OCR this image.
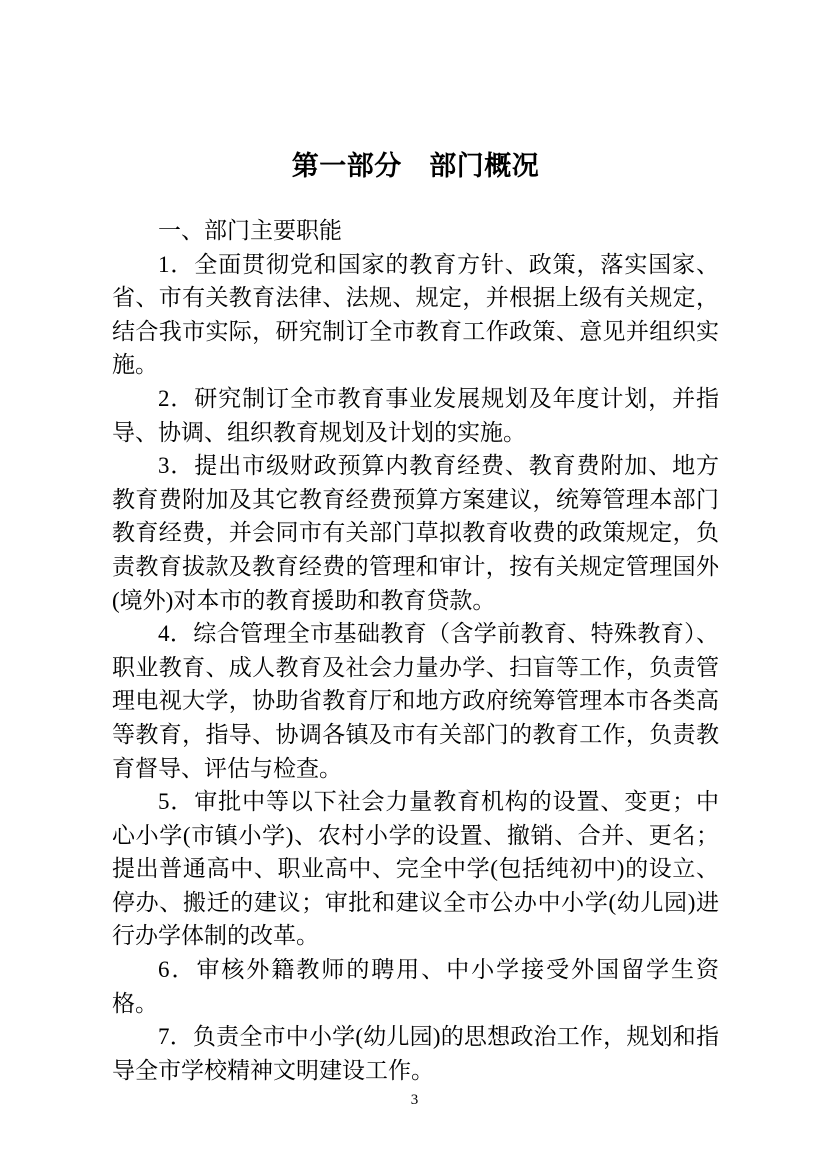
第一部分　部门概况

一、部门主要职能

1．全面贯彻党和国家的教育方针、政策，落实国家、省、市有关教育法律、法规、规定，并根据上级有关规定，结合我市实际，研究制订全市教育工作政策、意见并组织实施。

2．研究制订全市教育事业发展规划及年度计划，并指导、协调、组织教育规划及计划的实施。

3．提出市级财政预算内教育经费、教育费附加、地方教育费附加及其它教育经费预算方案建议，统筹管理本部门教育经费，并会同市有关部门草拟教育收费的政策规定，负责教育拔款及教育经费的管理和审计，按有关规定管理国外(境外)对本市的教育援助和教育贷款。

4．综合管理全市基础教育（含学前教育、特殊教育）、职业教育、成人教育及社会力量办学、扫盲等工作，负责管理电视大学，协助省教育厅和地方政府统筹管理本市各类高等教育，指导、协调各镇及市有关部门的教育工作，负责教育督导、评估与检查。

5．审批中等以下社会力量教育机构的设置、变更；中心小学(市镇小学)、农村小学的设置、撤销、合并、更名；提出普通高中、职业高中、完全中学(包括纯初中)的设立、停办、搬迁的建议；审批和建议全市公办中小学(幼儿园)进行办学体制的改革。

6．审核外籍教师的聘用、中小学接受外国留学生资格。

7．负责全市中小学(幼儿园)的思想政治工作，规划和指导全市学校精神文明建设工作。

3
